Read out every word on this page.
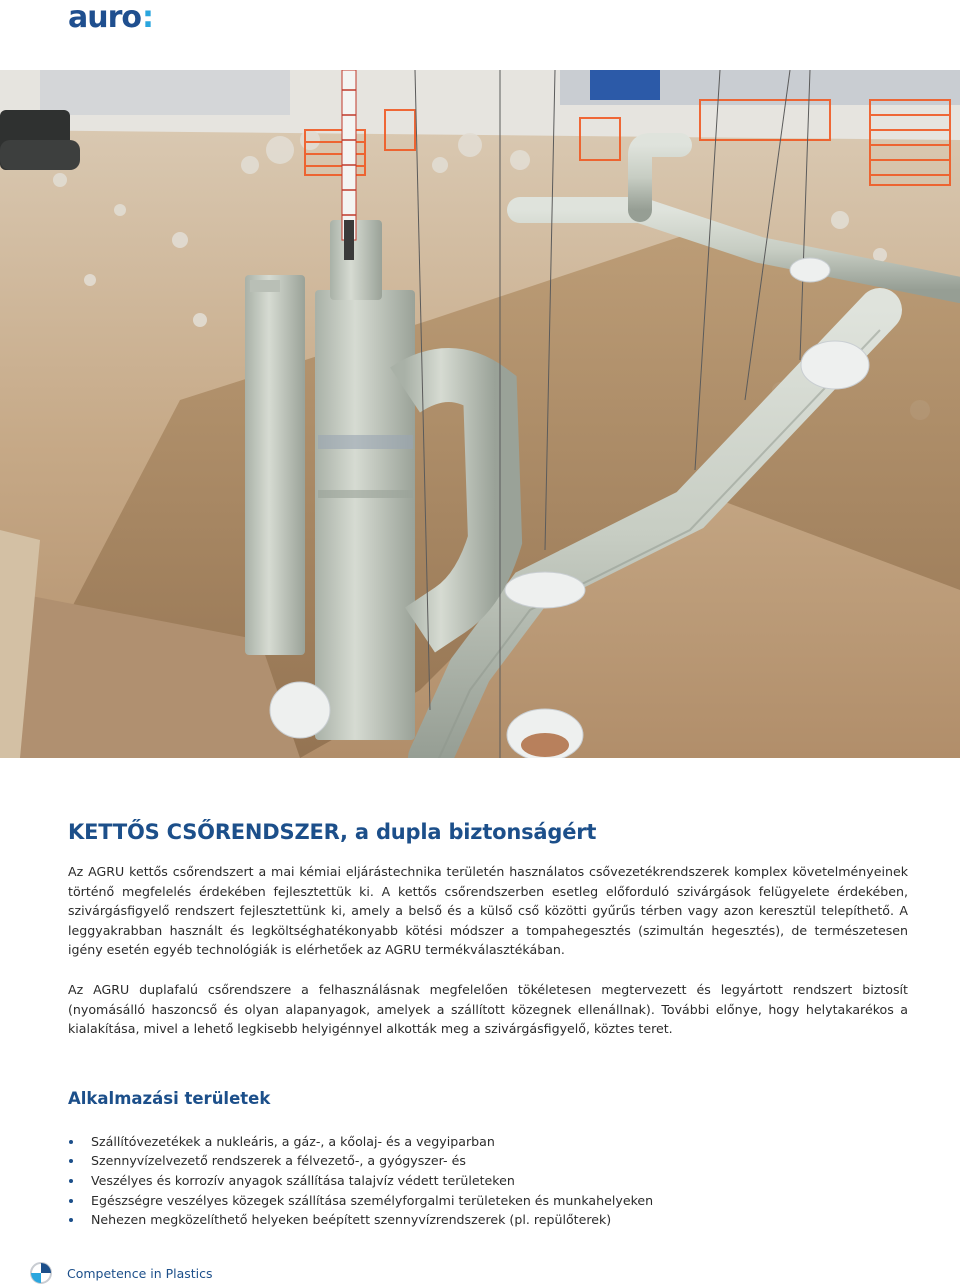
auro :
KETTŐS CSŐRENDSZER, a dupla biztonságért

Az AGRU kettős csőrendszert a mai kémiai eljárástechnika területén használatos csővezetékrendszerek komplex követelményeinek történő megfelelés érdekében fejlesztettük ki. A kettős csőrendszerben esetleg előforduló szivárgások felügyelete érdekében, szivárgásfigyelő rendszert fejlesztettünk ki, amely a belső és a külső cső közötti gyűrűs térben vagy azon keresztül telepíthető. A leggyakrabban használt és legköltséghatékonyabb kötési módszer a tompahegesztés (szimultán hegesztés), de természetesen igény esetén egyéb technológiák is elérhetőek az AGRU termékválasztékában.

Az AGRU duplafalú csőrendszere a felhasználásnak megfelelően tökéletesen megtervezett és legyártott rendszert biztosít (nyomásálló haszoncső és olyan alapanyagok, amelyek a szállított közegnek ellenállnak). További előnye, hogy helytakarékos a kialakítása, mivel a lehető legkisebb helyigénnyel alkották meg a szivárgásfigyelő, köztes teret.

Alkalmazási területek
Szállítóvezetékek a nukleáris, a gáz-, a kőolaj- és a vegyiparban
Szennyvízelvezető rendszerek a félvezető-, a gyógyszer- és
Veszélyes és korrozív anyagok szállítása talajvíz védett területeken
Egészségre veszélyes közegek szállítása személyforgalmi területeken és munkahelyeken
Nehezen megközelíthető helyeken beépített szennyvízrendszerek (pl. repülőterek)
Competence in Plastics
